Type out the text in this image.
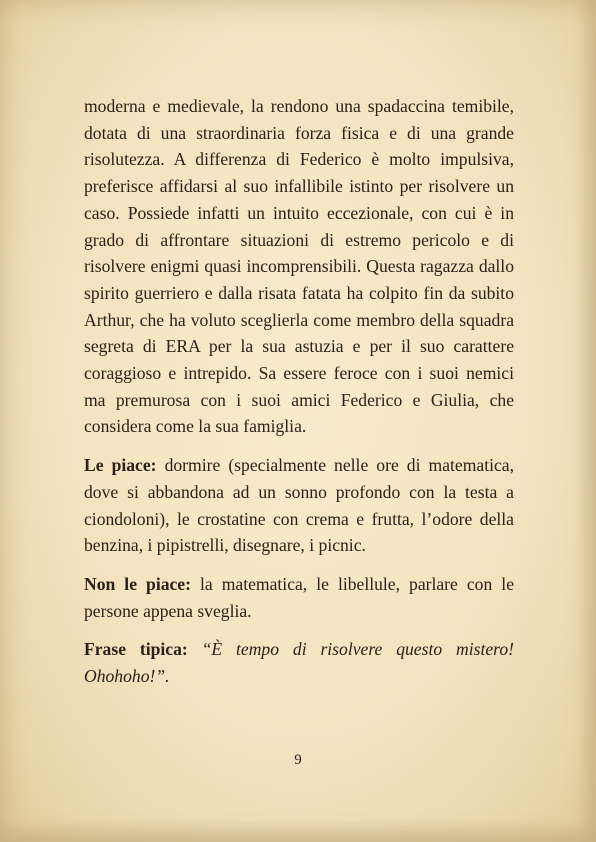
moderna e medievale, la rendono una spadaccina temibile, dotata di una straordinaria forza fisica e di una grande risolutezza. A differenza di Federico è molto impulsiva, preferisce affidarsi al suo infallibile istinto per risolvere un caso. Possiede infatti un intuito eccezionale, con cui è in grado di affrontare situazioni di estremo pericolo e di risolvere enigmi quasi incomprensibili. Questa ragazza dallo spirito guerriero e dalla risata fatata ha colpito fin da subito Arthur, che ha voluto sceglierla come membro della squadra segreta di ERA per la sua astuzia e per il suo carattere coraggioso e intrepido. Sa essere feroce con i suoi nemici ma premurosa con i suoi amici Federico e Giulia, che considera come la sua famiglia.

Le piace: dormire (specialmente nelle ore di matematica, dove si abbandona ad un sonno profondo con la testa a ciondoloni), le crostatine con crema e frutta, l’odore della benzina, i pipistrelli, disegnare, i picnic.

Non le piace: la matematica, le libellule, parlare con le persone appena sveglia.

Frase tipica: “È tempo di risolvere questo mistero! Ohohoho!”.

9
